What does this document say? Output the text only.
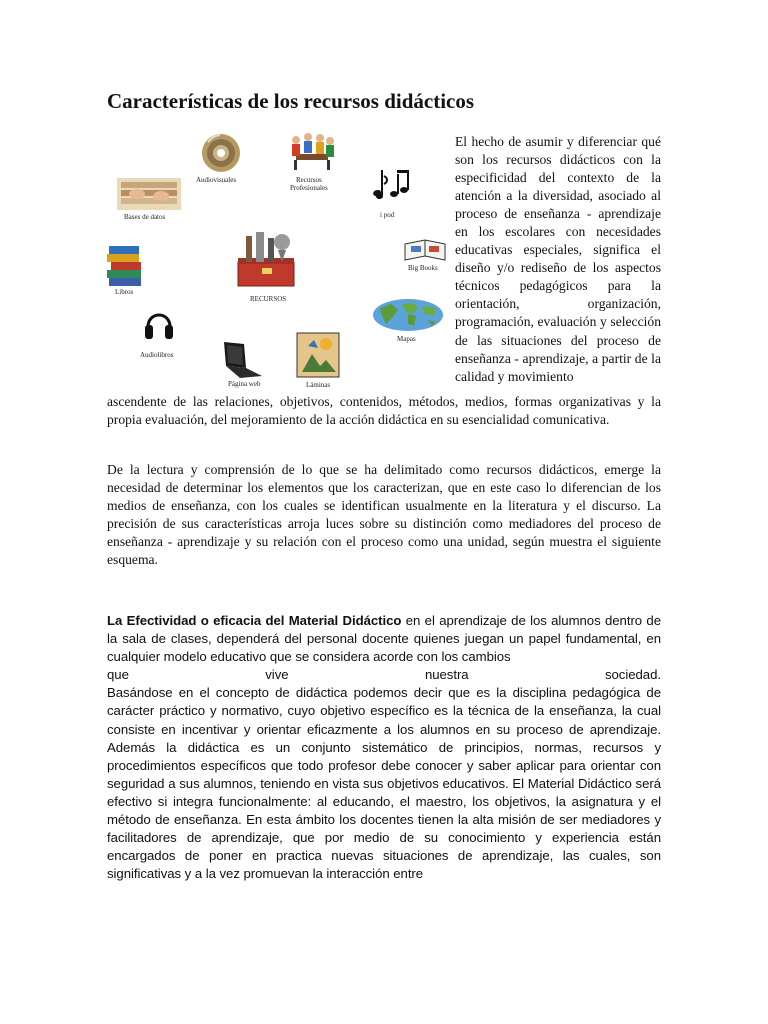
Características de los recursos didácticos
Audiovisuales	Recursos
Profesionales
i pod
Bases de datos
Big Books
Libros
RECURSOS
Mapas
Audiolibros
Página web	Láminas

El hecho de asumir y diferenciar qué son los recursos didácticos con la especificidad del contexto de la atención a la diversidad, asociado al proceso de enseñanza - aprendizaje en los escolares con necesidades educativas especiales, significa el diseño y/o rediseño de los aspectos técnicos pedagógicos para la orientación, organización, programación, evaluación y selección de las situaciones del proceso de enseñanza - aprendizaje, a partir de la calidad y movimiento

ascendente de las relaciones, objetivos, contenidos, métodos, medios, formas organizativas y la propia evaluación, del mejoramiento de la acción didáctica en su esencialidad comunicativa.

De la lectura y comprensión de lo que se ha delimitado como recursos didácticos, emerge la necesidad de determinar los elementos que los caracterizan, que en este caso lo diferencian de los medios de enseñanza, con los cuales se identifican usualmente en la literatura y el discurso. La precisión de sus características arroja luces sobre su distinción como mediadores del proceso de enseñanza - aprendizaje y su relación con el proceso como una unidad, según muestra el siguiente esquema.

La Efectividad o eficacia del Material Didáctico en el aprendizaje de los alumnos dentro de la sala de clases, dependerá del personal docente quienes juegan un papel fundamental, en cualquier modelo educativo que se considera acorde con los cambios
que	vive	nuestra	sociedad.
Basándose en el concepto de didáctica podemos decir que es la disciplina pedagógica de carácter práctico y normativo, cuyo objetivo específico es la técnica de la enseñanza, la cual consiste en incentivar y orientar eficazmente a los alumnos en su proceso de aprendizaje. Además la didáctica es un conjunto sistemático de principios, normas, recursos y procedimientos específicos que todo profesor debe conocer y saber aplicar para orientar con seguridad a sus alumnos, teniendo en vista sus objetivos educativos. El Material Didáctico será efectivo si integra funcionalmente: al educando, el maestro, los objetivos, la asignatura y el método de enseñanza. En esta ámbito los docentes tienen la alta misión de ser mediadores y facilitadores de aprendizaje, que por medio de su conocimiento y experiencia están encargados de poner en practica nuevas situaciones de aprendizaje, las cuales, son significativas y a la vez promuevan la interacción entre
